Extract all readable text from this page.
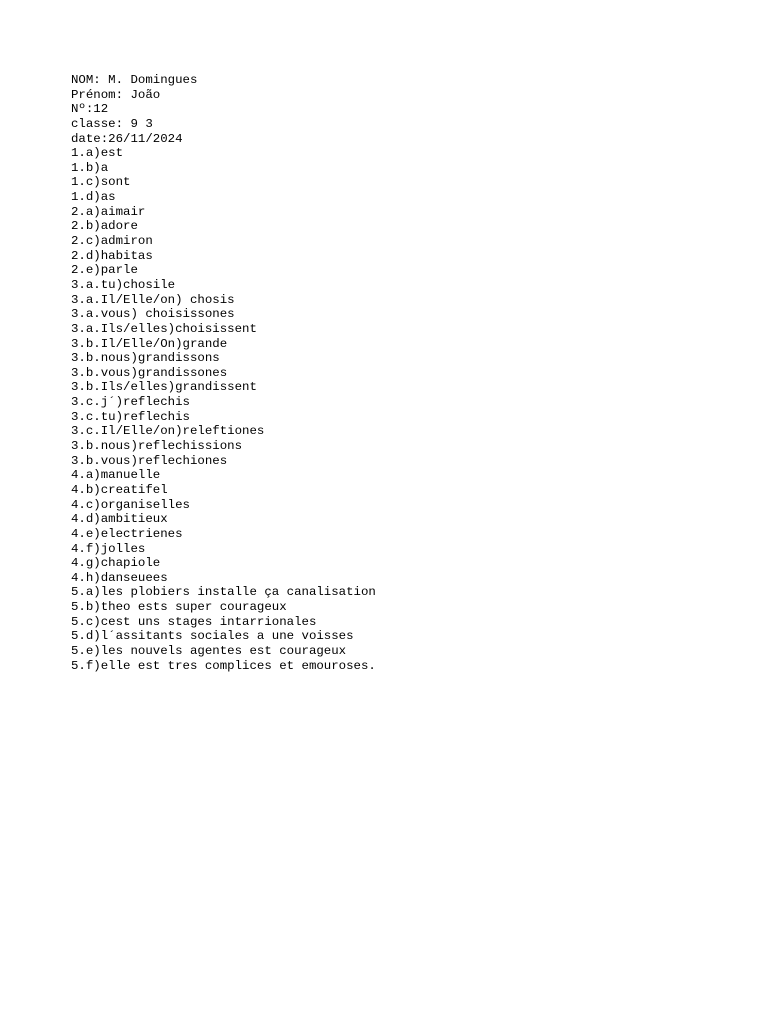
NOM: M. Domingues
Prénom: João
Nº:12
classe: 9 3
date:26/11/2024
1.a)est
1.b)a
1.c)sont
1.d)as
2.a)aimair
2.b)adore
2.c)admiron
2.d)habitas
2.e)parle
3.a.tu)chosile
3.a.Il/Elle/on) chosis
3.a.vous) choisissones
3.a.Ils/elles)choisissent
3.b.Il/Elle/On)grande
3.b.nous)grandissons
3.b.vous)grandissones
3.b.Ils/elles)grandissent
3.c.j´)reflechis
3.c.tu)reflechis
3.c.Il/Elle/on)releftiones
3.b.nous)reflechissions
3.b.vous)reflechiones
4.a)manuelle
4.b)creatifel
4.c)organiselles
4.d)ambitieux
4.e)electrienes
4.f)jolles
4.g)chapiole
4.h)danseuees
5.a)les plobiers installe ça canalisation
5.b)theo ests super courageux
5.c)cest uns stages intarrionales
5.d)l´assitants sociales a une voisses
5.e)les nouvels agentes est courageux
5.f)elle est tres complices et emouroses.
